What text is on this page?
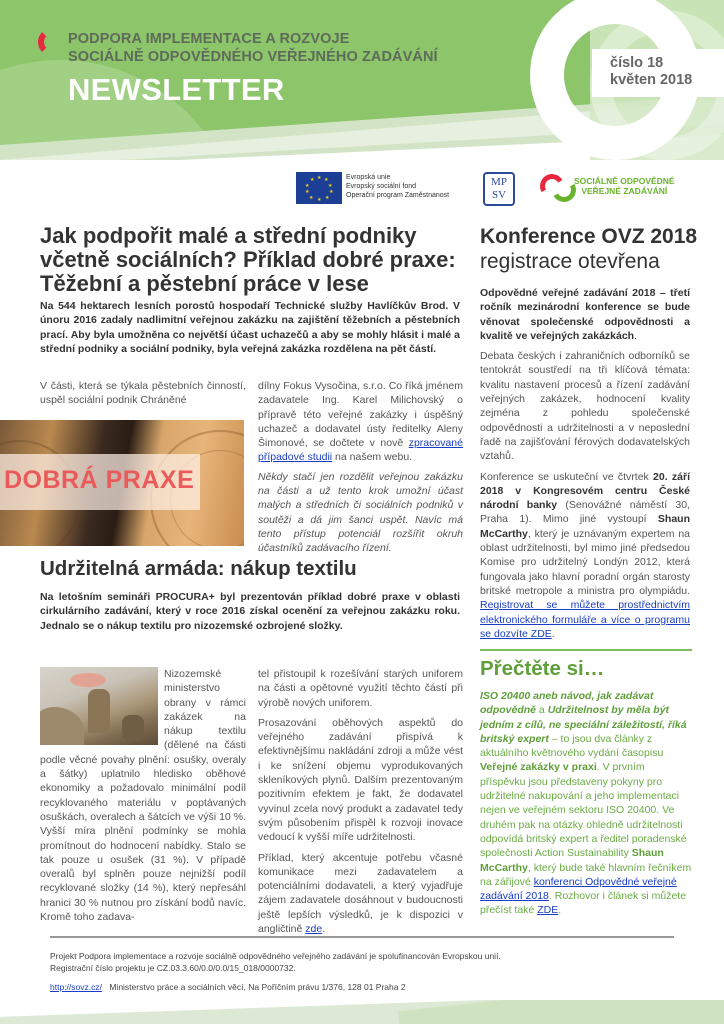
PODPORA IMPLEMENTACE A ROZVOJE
SOCIÁLNĚ ODPOVĚDNÉHO VEŘEJNÉHO ZADÁVÁNÍ
NEWSLETTER
číslo 18
květen 2018
★ ★
★
★
★
★
★
★
★
★	Evropská unie
Evropský sociální fond
Operační program Zaměstnanost
MP
SV
SOCIÁLNĚ ODPOVĚDNÉ
VEŘEJNÉ ZADÁVÁNÍ
Jak podpořit malé a střední podniky včetně sociálních? Příklad dobré praxe: Těžební a pěstební práce v lese

Na 544 hektarech lesních porostů hospodaří Technické služby Havlíčkův Brod. V únoru 2016 zadaly nadlimitní veřejnou zakázku na zajištění těžebních a pěstebních prací. Aby byla umožněna co největší účast uchazečů a aby se mohly hlásit i malé a střední podniky a sociální podniky, byla veřejná zakázka rozdělena na pět částí.

V části, která se týkala pěstebních činností, uspěl sociální podnik Chráněné

DOBRÁ PRAXE

dílny Fokus Vysočina, s.r.o. Co říká jménem zadavatele Ing. Karel Milichovský o přípravě této veřejné zakázky i úspěšný uchazeč a dodavatel ústy ředitelky Aleny Šimonové, se dočtete v nově zpracované případové studii na našem webu.

Někdy stačí jen rozdělit veřejnou zakázku na části a už tento krok umožní účast malých a středních či sociálních podniků v soutěži a dá jim šanci uspět. Navíc má tento přístup potenciál rozšířit okruh účastníků zadávacího řízení.

Udržitelná armáda: nákup textilu

Na letošním semináři PROCURA+ byl prezentován příklad dobré praxe v oblasti cirkulárního zadávání, který v roce 2016 získal ocenění za veřejnou zakázku roku. Jednalo se o nákup textilu pro nizozemské ozbrojené složky.

Nizozemské ministerstvo obrany v rámci zakázek na nákup textilu (dělené na části podle věcné povahy plnění: osušky, overaly a šátky) uplatnilo hledisko oběhové ekonomiky a požadovalo minimální podíl recyklovaného materiálu v poptávaných osuškách, overalech a šátcích ve výši 10 %. Vyšší míra plnění podmínky se mohla promítnout do hodnocení nabídky. Stalo se tak pouze u osušek (31 %). V případě overalů byl splněn pouze nejnižší podíl recyklované složky (14 %), který nepřesáhl hranici 30 % nutnou pro získání bodů navíc. Kromě toho zadava-

tel přistoupil k rozešívání starých uniforem na části a opětovné využití těchto částí při výrobě nových uniforem.

Prosazování oběhových aspektů do veřejného zadávání přispívá k efektivnějšímu nakládání zdroji a může vést i ke snížení objemu vyprodukovaných skleníkových plynů. Dalším prezentovaným pozitivním efektem je fakt, že dodavatel vyvinul zcela nový produkt a zadavatel tedy svým působením přispěl k rozvoji inovace vedoucí k vyšší míře udržitelnosti.

Příklad, který akcentuje potřebu včasné komunikace mezi zadavatelem a potenciálními dodavateli, a který vyjadřuje zájem zadavatele dosáhnout v budoucnosti ještě lepších výsledků, je k dispozici v angličtině zde.

Konference OVZ 2018
registrace otevřena

Odpovědné veřejné zadávání 2018 – třetí ročník mezinárodní konference se bude věnovat společenské odpovědnosti a kvalitě ve veřejných zakázkách.

Debata českých i zahraničních odborníků se tentokrát soustředí na tři klíčová témata: kvalitu nastavení procesů a řízení zadávání veřejných zakázek, hodnocení kvality zejména z pohledu společenské odpovědnosti a udržitelnosti a v neposlední řadě na zajišťování férových dodavatelských vztahů.

Konference se uskuteční ve čtvrtek 20. září 2018 v Kongresovém centru České národní banky (Senovážné náměstí 30, Praha 1). Mimo jiné vystoupí Shaun McCarthy, který je uznávaným expertem na oblast udržitelnosti, byl mimo jiné předsedou Komise pro udržitelný Londýn 2012, která fungovala jako hlavní poradní orgán starosty britské metropole a ministra pro olympiádu. Registrovat se můžete prostřednictvím elektronického formuláře a více o programu se dozvíte ZDE.

Přečtěte si…

ISO 20400 aneb návod, jak zadávat odpovědně a Udržitelnost by měla být jedním z cílů, ne speciální záležitostí, říká britský expert – to jsou dva články z aktuálního květnového vydání časopisu Veřejné zakázky v praxi. V prvním příspěvku jsou představeny pokyny pro udržitelné nakupování a jeho implementaci nejen ve veřejném sektoru ISO 20400. Ve druhém pak na otázky ohledně udržitelnosti odpovídá britský expert a ředitel poradenské společnosti Action Sustainability Shaun McCarthy, který bude také hlavním řečníkem na zářijové konferenci Odpovědné veřejné zadávání 2018. Rozhovor i článek si můžete přečíst také ZDE.

Projekt Podpora implementace a rozvoje sociálně odpovědného veřejného zadávání je spolufinancován Evropskou unií.
Registrační číslo projektu je CZ.03.3.60/0.0/0.0/15_018/0000732.
http://sovz.cz/ Ministerstvo práce a sociálních věcí, Na Poříčním právu 1/376, 128 01 Praha 2
